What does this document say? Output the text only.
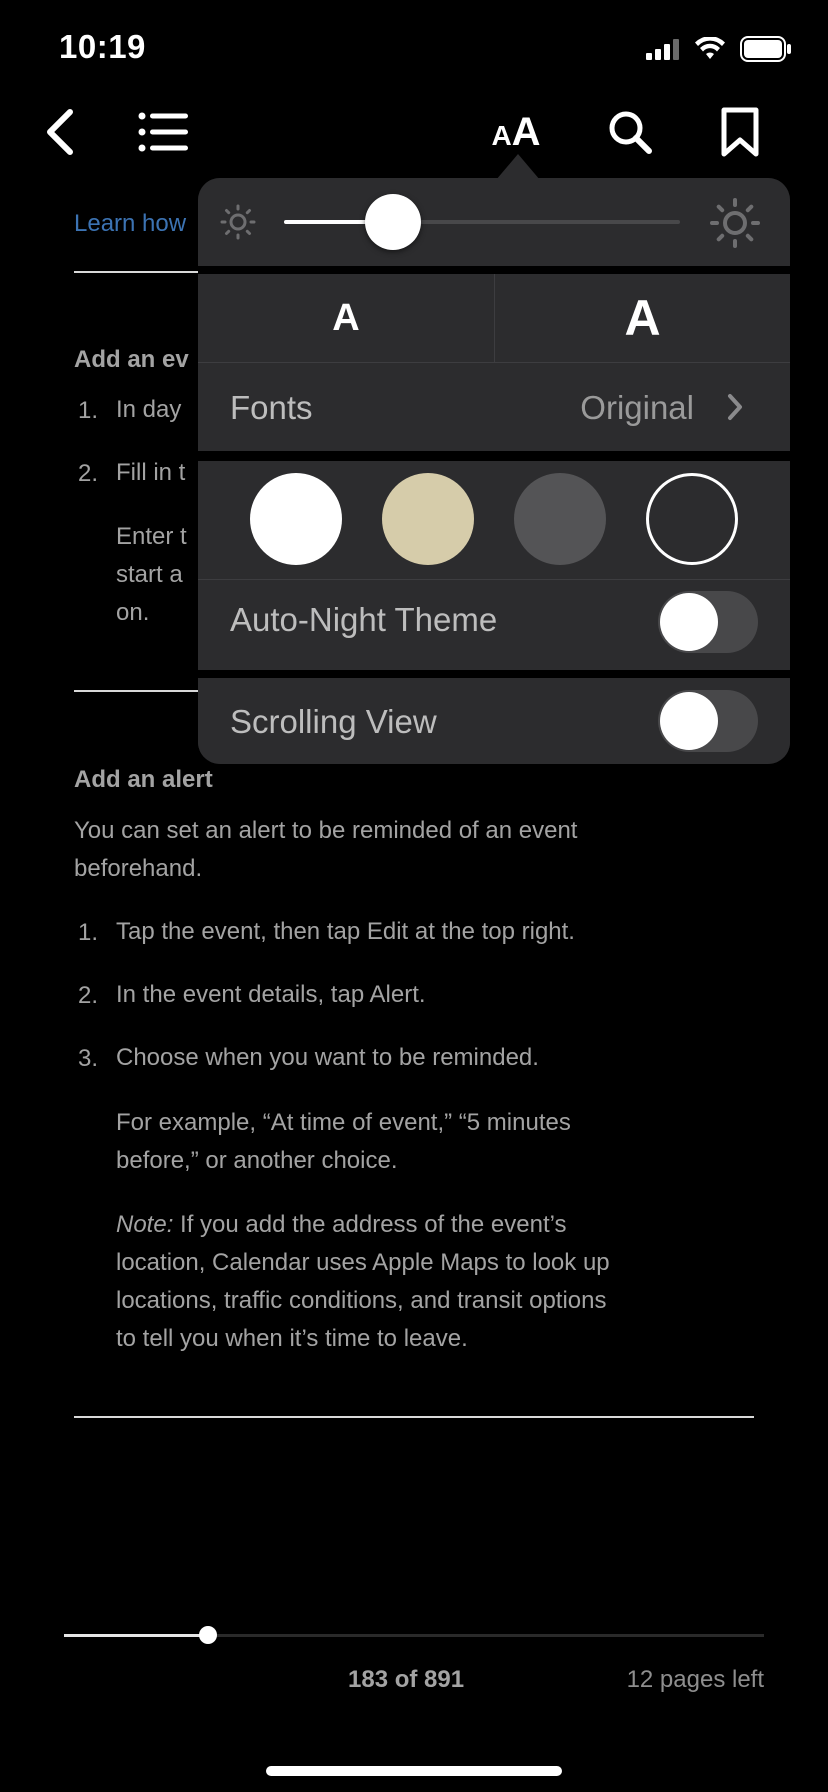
10:19
AA
Learn how
Add an ev
1. In day
2. Fill in t
Enter t
start a
on.
Add an alert
You can set an alert to be reminded of an event
beforehand.
1. Tap the event, then tap Edit at the top right.
2. In the event details, tap Alert.
3. Choose when you want to be reminded.
For example, “At time of event,” “5 minutes
before,” or another choice.
Note: If you add the address of the event’s
location, Calendar uses Apple Maps to look up
locations, traffic conditions, and transit options
to tell you when it’s time to leave.
A	A
Fonts	Original
Auto-Night Theme
Scrolling View
183 of 891	12 pages left
